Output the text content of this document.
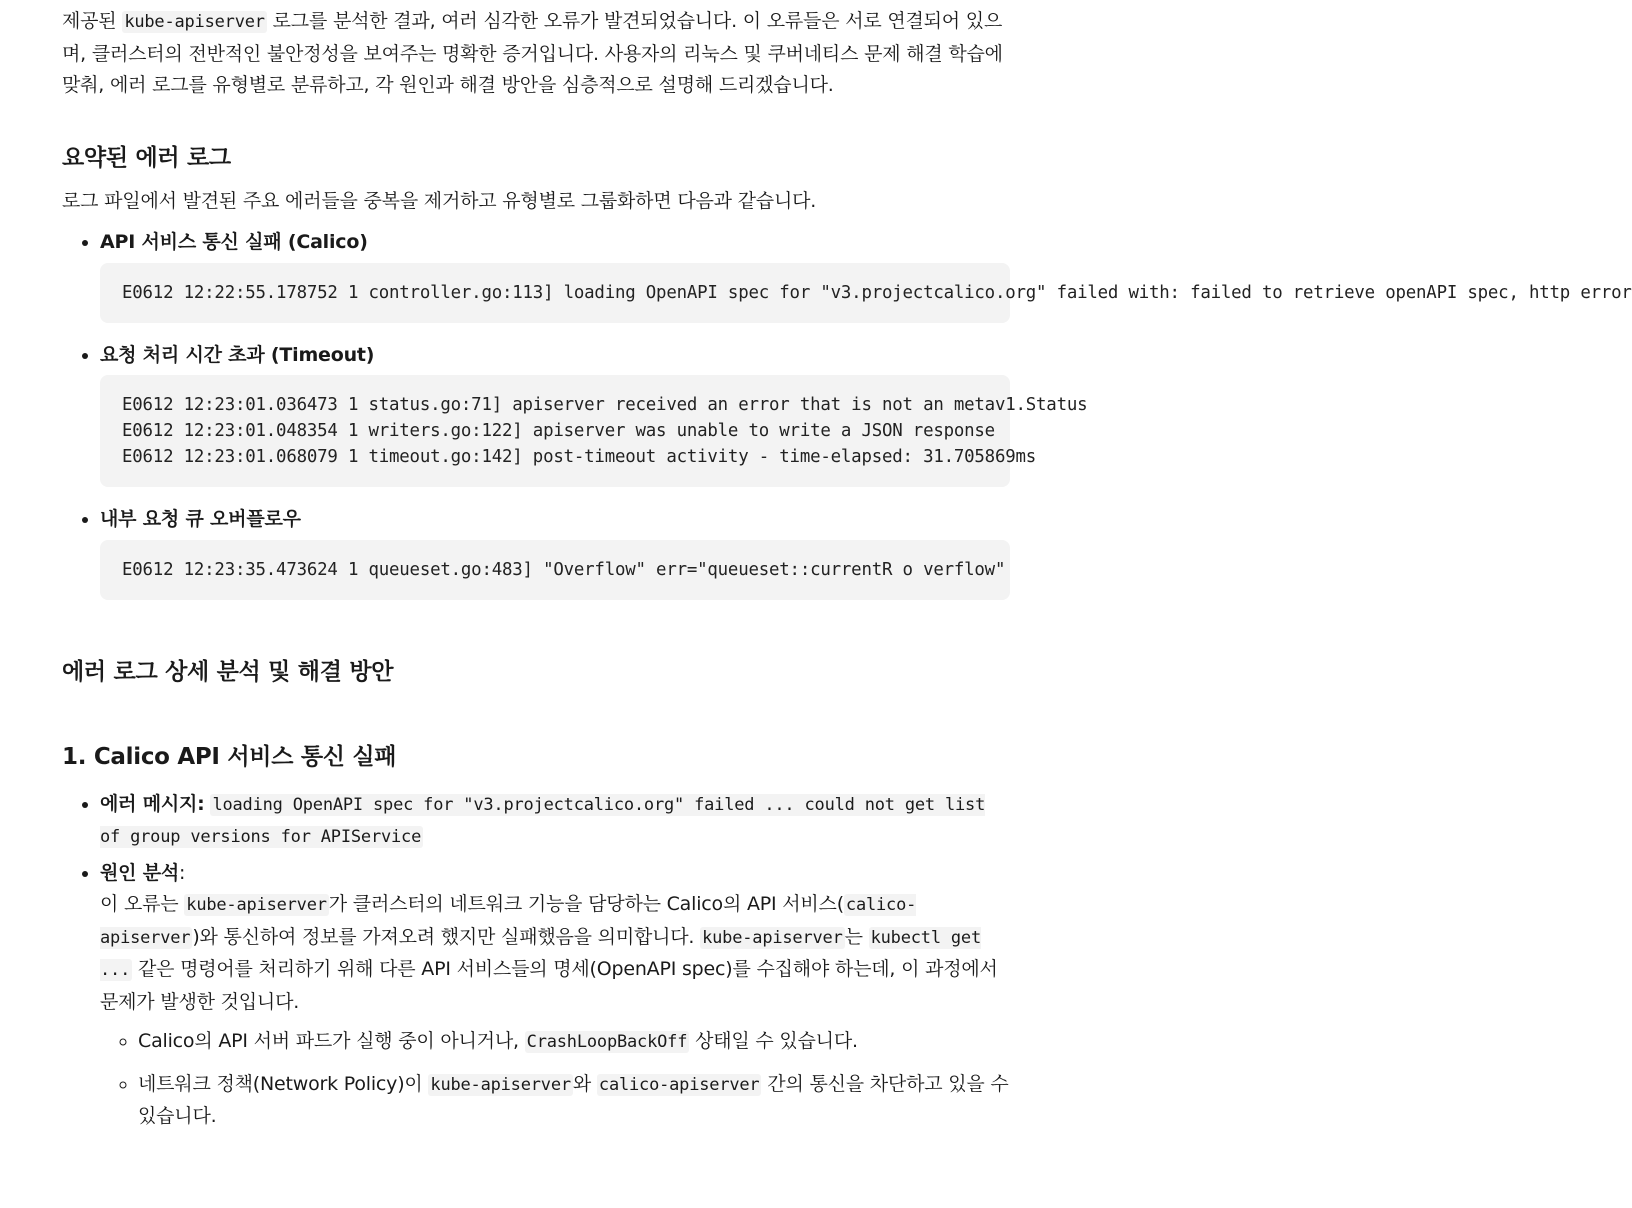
제공된 kube-apiserver 로그를 분석한 결과, 여러 심각한 오류가 발견되었습니다. 이 오류들은 서로 연결되어 있으며, 클러스터의 전반적인 불안정성을 보여주는 명확한 증거입니다. 사용자의 리눅스 및 쿠버네티스 문제 해결 학습에 맞춰, 에러 로그를 유형별로 분류하고, 각 원인과 해결 방안을 심층적으로 설명해 드리겠습니다.

요약된 에러 로그

로그 파일에서 발견된 주요 에러들을 중복을 제거하고 유형별로 그룹화하면 다음과 같습니다.

• API 서비스 통신 실패 (Calico)
E0612 12:22:55.178752 1 controller.go:113] loading OpenAPI spec for "v3.projectcalico.org" failed with: failed to retrieve openAPI spec, http error
• 요청 처리 시간 초과 (Timeout)
E0612 12:23:01.036473 1 status.go:71] apiserver received an error that is not an metav1.Status
E0612 12:23:01.048354 1 writers.go:122] apiserver was unable to write a JSON response
E0612 12:23:01.068079 1 timeout.go:142] post-timeout activity - time-elapsed: 31.705869ms
• 내부 요청 큐 오버플로우
E0612 12:23:35.473624 1 queueset.go:483] "Overflow" err="queueset::currentR o verflow"
에러 로그 상세 분석 및 해결 방안
1. Calico API 서비스 통신 실패
• 에러 메시지: loading OpenAPI spec for "v3.projectcalico.org" failed ... could not get list of group versions for APIService
• 원인 분석:
이 오류는 kube-apiserver 가 클러스터의 네트워크 기능을 담당하는 Calico의 API 서비스( calico-apiserver )와 통신하여 정보를 가져오려 했지만 실패했음을 의미합니다. kube-apiserver 는 kubectl get ... 같은 명령어를 처리하기 위해 다른 API 서비스들의 명세(OpenAPI spec)를 수집해야 하는데, 이 과정에서 문제가 발생한 것입니다.
◦ Calico의 API 서버 파드가 실행 중이 아니거나, CrashLoopBackOff 상태일 수 있습니다.
◦ 네트워크 정책(Network Policy)이 kube-apiserver 와 calico-apiserver 간의 통신을 차단하고 있을 수 있습니다.
